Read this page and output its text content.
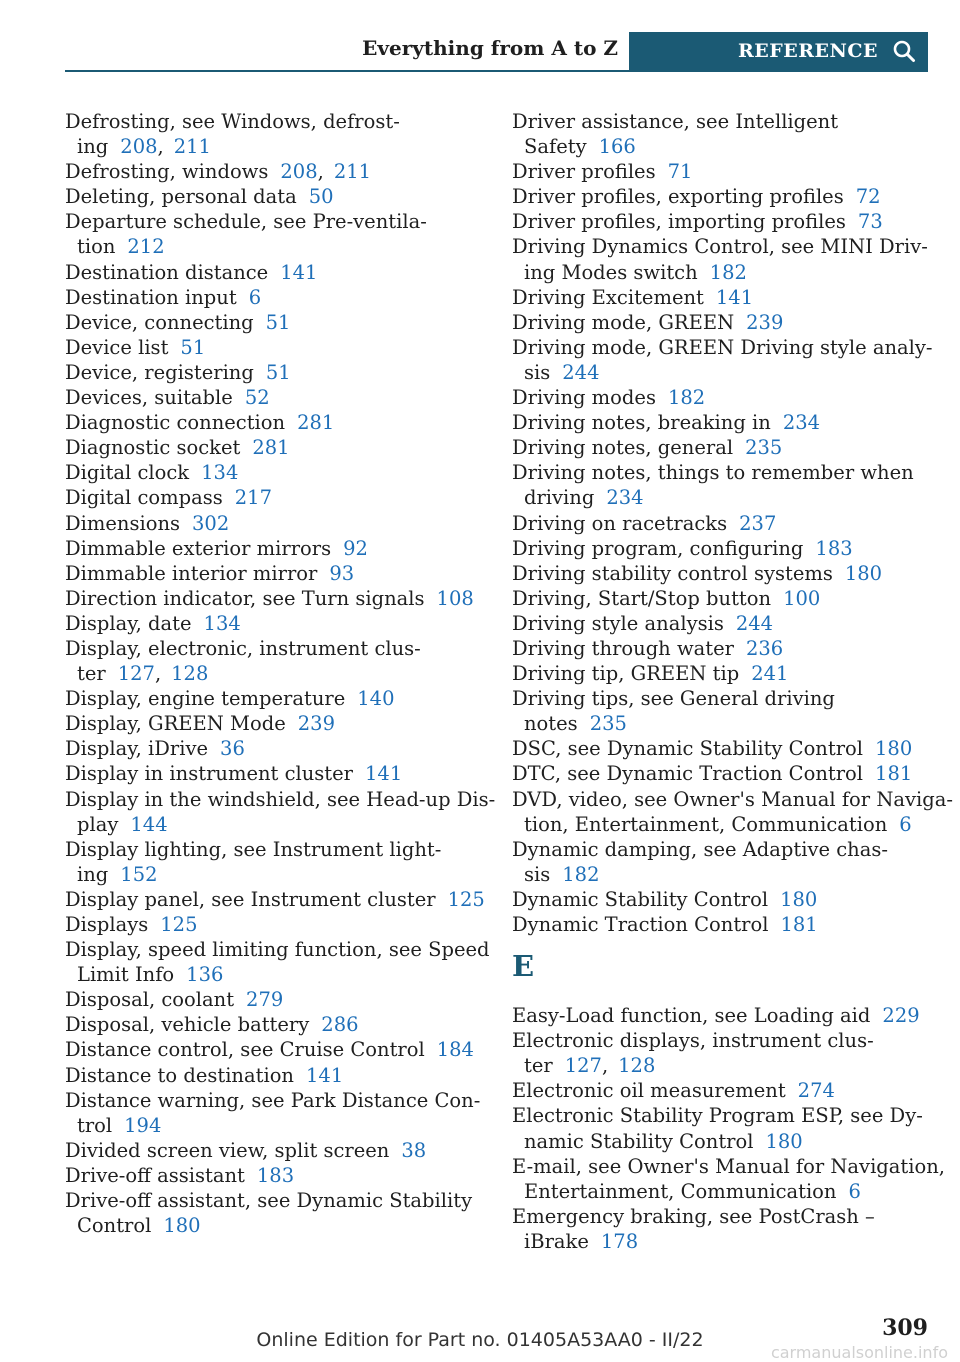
Everything from A to Z	REFERENCE
Defrosting, see Windows, defrost‐
ing 208, 211
Defrosting, windows 208, 211
Deleting, personal data 50
Departure schedule, see Pre-ventila‐
tion 212
Destination distance 141
Destination input 6
Device, connecting 51
Device list 51
Device, registering 51
Devices, suitable 52
Diagnostic connection 281
Diagnostic socket 281
Digital clock 134
Digital compass 217
Dimensions 302
Dimmable exterior mirrors 92
Dimmable interior mirror 93
Direction indicator, see Turn signals 108
Display, date 134
Display, electronic, instrument clus‐
ter 127, 128
Display, engine temperature 140
Display, GREEN Mode 239
Display, iDrive 36
Display in instrument cluster 141
Display in the windshield, see Head-up Dis‐
play 144
Display lighting, see Instrument light‐
ing 152
Display panel, see Instrument cluster 125
Displays 125
Display, speed limiting function, see Speed
Limit Info 136
Disposal, coolant 279
Disposal, vehicle battery 286
Distance control, see Cruise Control 184
Distance to destination 141
Distance warning, see Park Distance Con‐
trol 194
Divided screen view, split screen 38
Drive-off assistant 183
Drive-off assistant, see Dynamic Stability
Control 180
Driver assistance, see Intelligent
Safety 166
Driver profiles 71
Driver profiles, exporting profiles 72
Driver profiles, importing profiles 73
Driving Dynamics Control, see MINI Driv‐
ing Modes switch 182
Driving Excitement 141
Driving mode, GREEN 239
Driving mode, GREEN Driving style analy‐
sis 244
Driving modes 182
Driving notes, breaking in 234
Driving notes, general 235
Driving notes, things to remember when
driving 234
Driving on racetracks 237
Driving program, configuring 183
Driving stability control systems 180
Driving, Start/Stop button 100
Driving style analysis 244
Driving through water 236
Driving tip, GREEN tip 241
Driving tips, see General driving
notes 235
DSC, see Dynamic Stability Control 180
DTC, see Dynamic Traction Control 181
DVD, video, see Owner's Manual for Naviga‐
tion, Entertainment, Communication 6
Dynamic damping, see Adaptive chas‐
sis 182
Dynamic Stability Control 180
Dynamic Traction Control 181
E
Easy-Load function, see Loading aid 229
Electronic displays, instrument clus‐
ter 127, 128
Electronic oil measurement 274
Electronic Stability Program ESP, see Dy‐
namic Stability Control 180
E-mail, see Owner's Manual for Navigation,
Entertainment, Communication 6
Emergency braking, see PostCrash –
iBrake 178
309
Online Edition for Part no. 01405A53AA0 - II/22
carmanualsonline.info
